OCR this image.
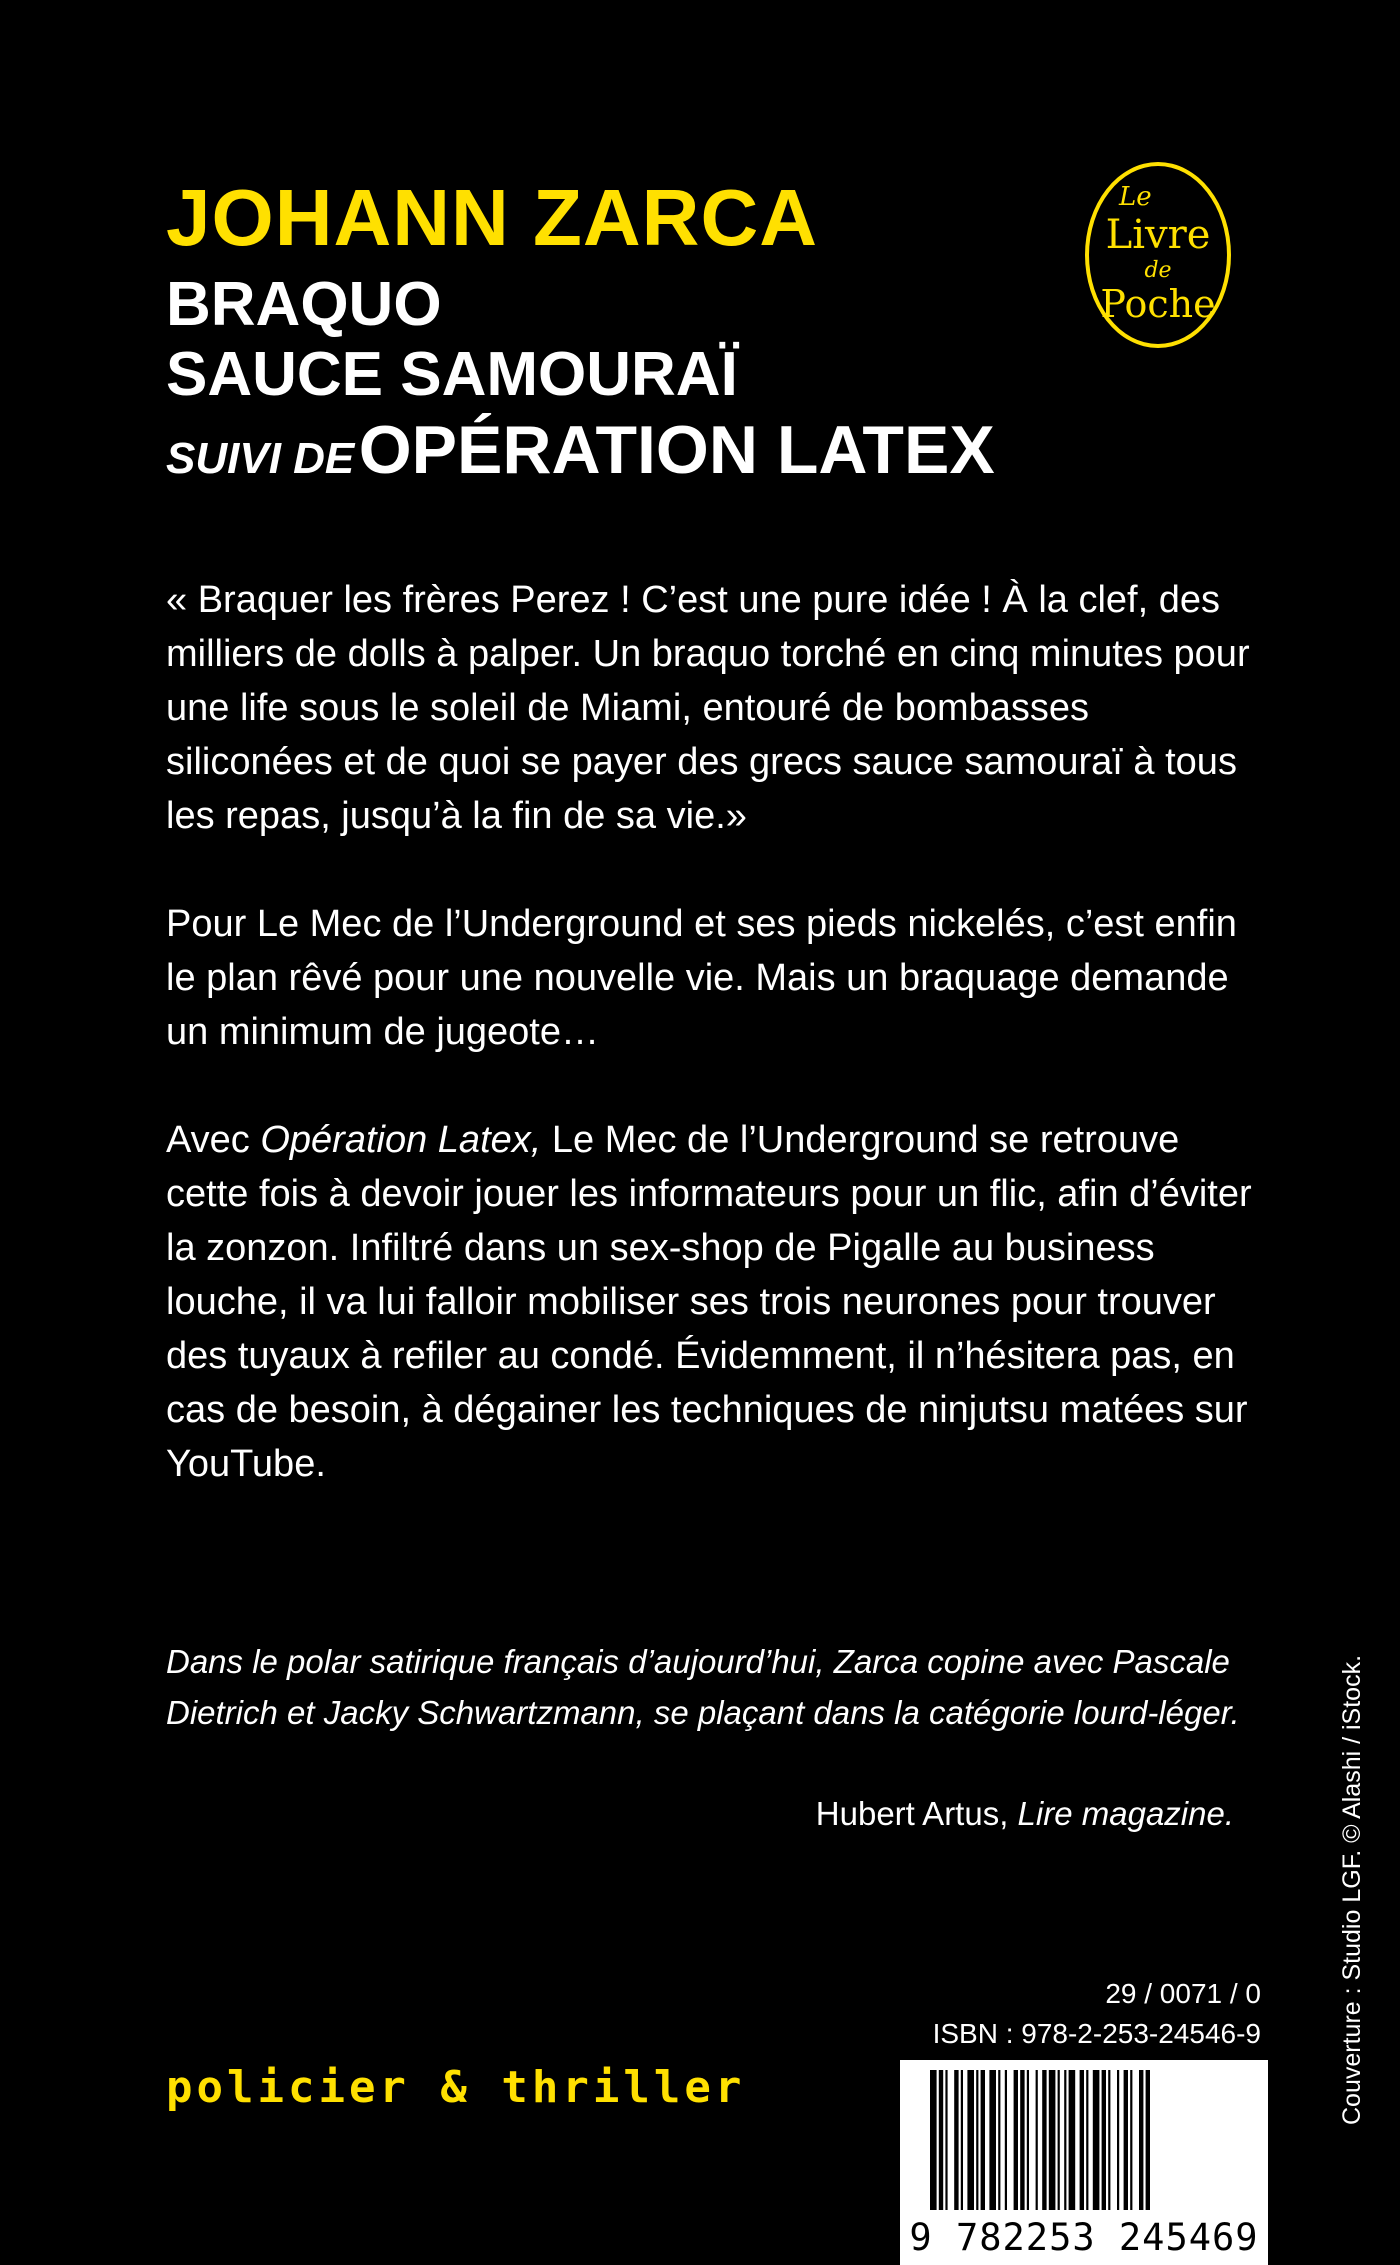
JOHANN ZARCA
BRAQUO
SAUCE SAMOURAÏ
SUIVI DE OPÉRATION LATEX
Le
Livre
de
Poche

« Braquer les frères Perez ! C’est une pure idée ! À la clef, des milliers de dolls à palper. Un braquo torché en cinq minutes pour une life sous le soleil de Miami, entouré de bombasses siliconées et de quoi se payer des grecs sauce samouraï à tous les repas, jusqu’à la fin de sa vie.»

Pour Le Mec de l’Underground et ses pieds nickelés, c’est enfin le plan rêvé pour une nouvelle vie. Mais un braquage demande un minimum de jugeote…

Avec Opération Latex, Le Mec de l’Underground se retrouve cette fois à devoir jouer les informateurs pour un flic, afin d’éviter la zonzon. Infiltré dans un sex-shop de Pigalle au business louche, il va lui falloir mobiliser ses trois neurones pour trouver des tuyaux à refiler au condé. Évidemment, il n’hésitera pas, en cas de besoin, à dégainer les techniques de ninjutsu matées sur YouTube.

Dans le polar satirique français d’aujourd’hui, Zarca copine avec Pascale Dietrich et Jacky Schwartzmann, se plaçant dans la catégorie lourd-léger.
Hubert Artus, Lire magazine.	Couverture : Studio LGF. © Alashi / iStock.
29 / 0071 / 0
ISBN : 978-2-253-24546-9
policier & thriller
9 782253 245469
